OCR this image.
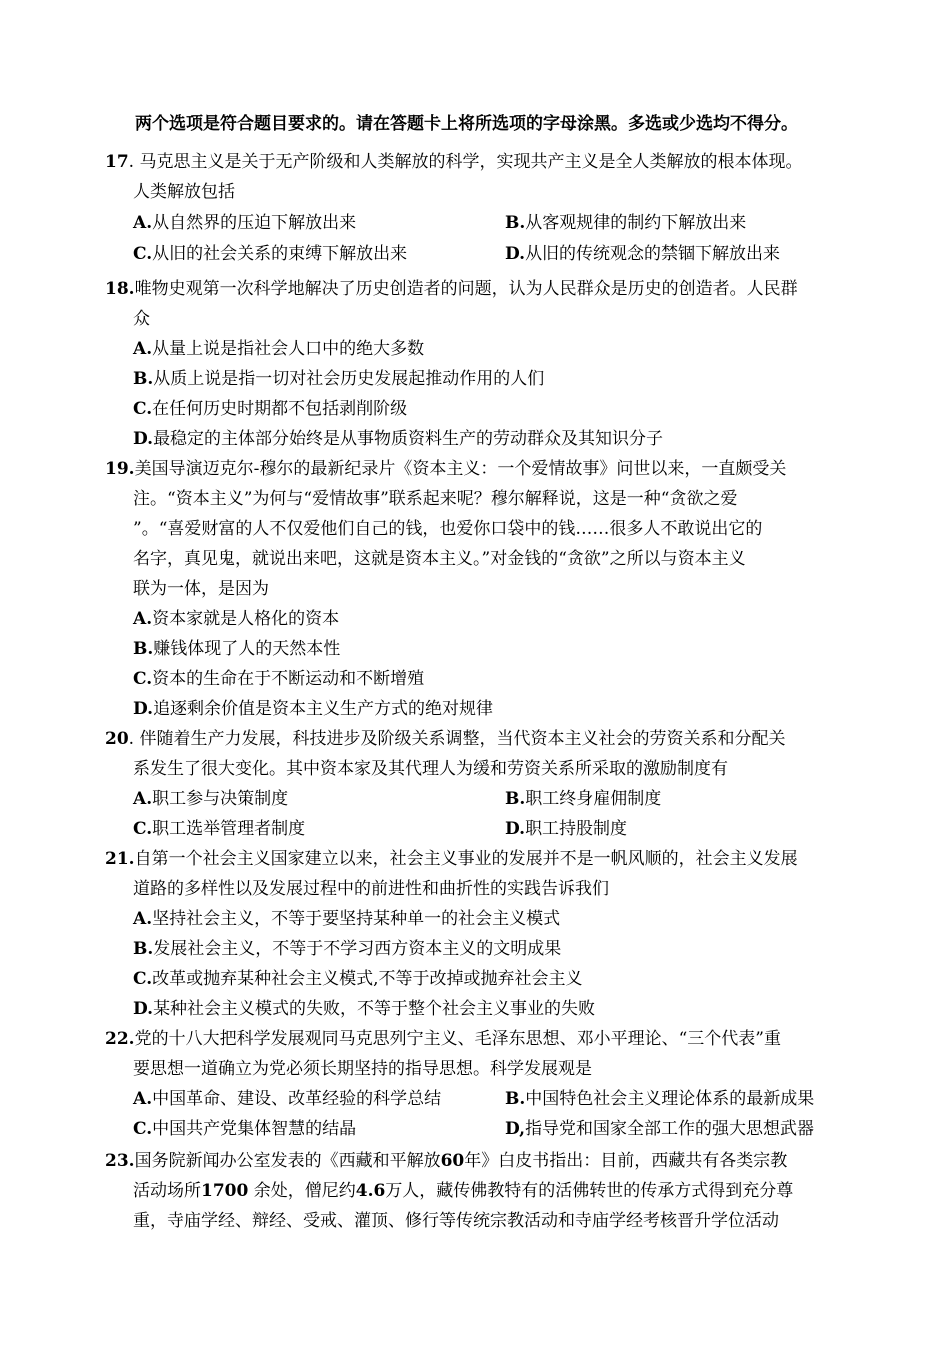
两个选项是符合题目要求的。请在答题卡上将所选项的字母涂黑。多选或少选均不得分。
17. 马克思主义是关于无产阶级和人类解放的科学，实现共产主义是全人类解放的根本体现。
人类解放包括
A.从自然界的压迫下解放出来	B.从客观规律的制约下解放出来
C.从旧的社会关系的束缚下解放出来	D.从旧的传统观念的禁锢下解放出来
18.唯物史观第一次科学地解决了历史创造者的问题，认为人民群众是历史的创造者。人民群
众
A.从量上说是指社会人口中的绝大多数
B.从质上说是指一切对社会历史发展起推动作用的人们
C.在任何历史时期都不包括剥削阶级
D.最稳定的主体部分始终是从事物质资料生产的劳动群众及其知识分子
19.美国导演迈克尔-穆尔的最新纪录片《资本主义：一个爱情故事》问世以来，一直颇受关
注。“资本主义”为何与“爱情故事”联系起来呢？穆尔解释说，这是一种“贪欲之爱
”。“喜爱财富的人不仅爱他们自己的钱，也爱你口袋中的钱……很多人不敢说出它的
名字，真见鬼，就说出来吧，这就是资本主义。”对金钱的“贪欲”之所以与资本主义
联为一体，是因为
A.资本家就是人格化的资本
B.赚钱体现了人的天然本性
C.资本的生命在于不断运动和不断增殖
D.追逐剩余价值是资本主义生产方式的绝对规律
20. 伴随着生产力发展，科技进步及阶级关系调整，当代资本主义社会的劳资关系和分配关
系发生了很大变化。其中资本家及其代理人为缓和劳资关系所采取的激励制度有
A.职工参与决策制度	B.职工终身雇佣制度
C.职工选举管理者制度	D.职工持股制度
21.自第一个社会主义国家建立以来，社会主义事业的发展并不是一帆风顺的，社会主义发展
道路的多样性以及发展过程中的前进性和曲折性的实践告诉我们
A.坚持社会主义，不等于要坚持某种单一的社会主义模式
B.发展社会主义，不等于不学习西方资本主义的文明成果
C.改革或抛弃某种社会主义模式,不等于改掉或抛弃社会主义
D.某种社会主义模式的失败，不等于整个社会主义事业的失败
22.党的十八大把科学发展观同马克思列宁主义、毛泽东思想、邓小平理论、“三个代表”重
要思想一道确立为党必须长期坚持的指导思想。科学发展观是
A.中国革命、建设、改革经验的科学总结	B.中国特色社会主义理论体系的最新成果
C.中国共产党集体智慧的结晶	D,指导党和国家全部工作的强大思想武器
23.国务院新闻办公室发表的《西藏和平解放60年》白皮书指出：目前，西藏共有各类宗教
活动场所1700 余处，僧尼约4.6万人，藏传佛教特有的活佛转世的传承方式得到充分尊
重，寺庙学经、辩经、受戒、灌顶、修行等传统宗教活动和寺庙学经考核晋升学位活动
